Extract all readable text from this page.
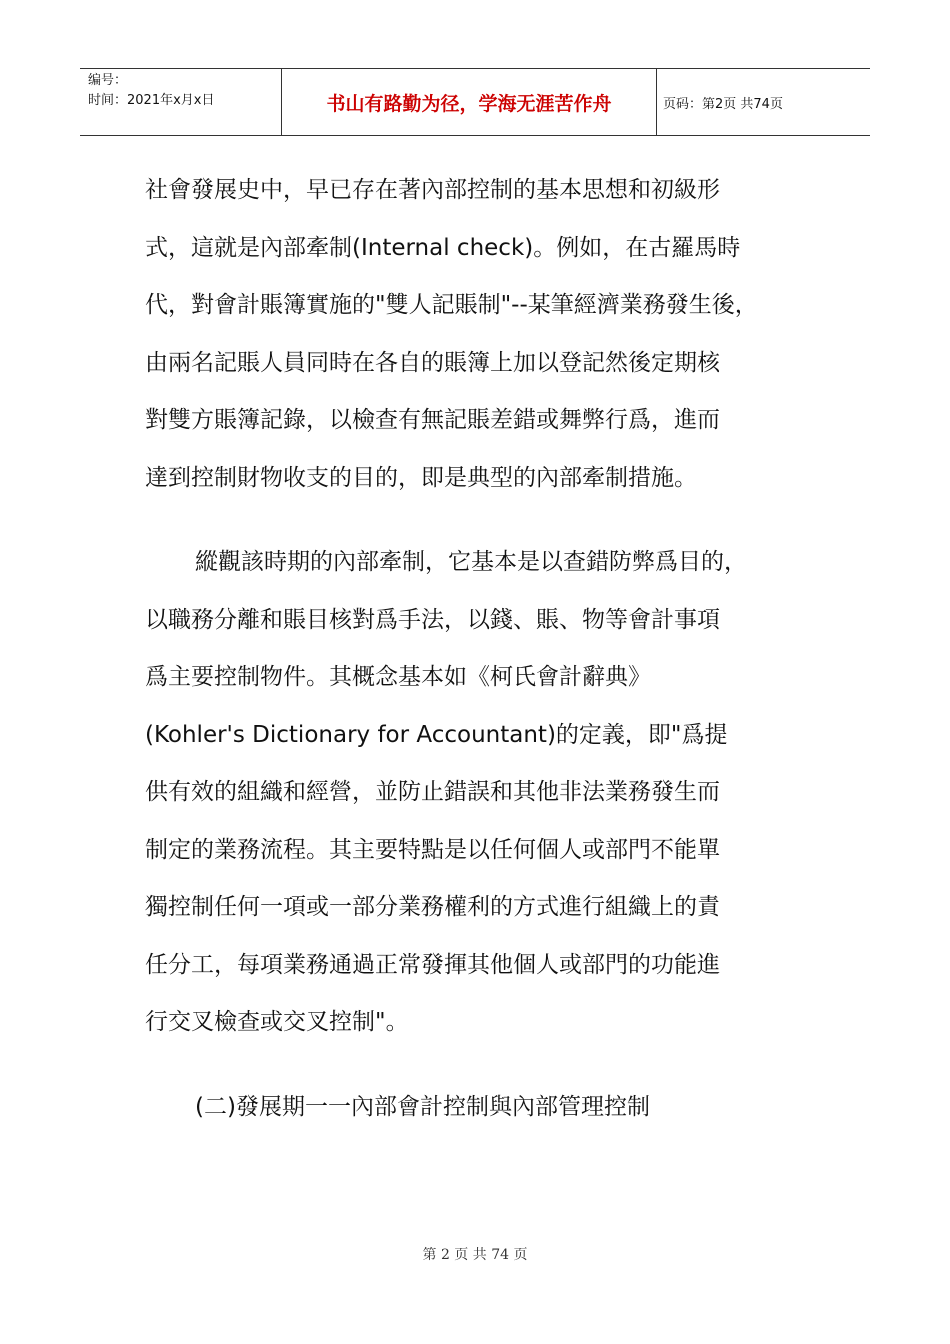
编号：
时间：2021年x月x日	书山有路勤为径，学海无涯苦作舟	页码：第2页 共74页
社會發展史中，早已存在著內部控制的基本思想和初級形
式，這就是內部牽制(Internal check)。例如，在古羅馬時
代，對會計賬簿實施的"雙人記賬制"--某筆經濟業務發生後，
由兩名記賬人員同時在各自的賬簿上加以登記然後定期核
對雙方賬簿記錄，以檢查有無記賬差錯或舞弊行爲，進而
達到控制財物收支的目的，即是典型的內部牽制措施。
縱觀該時期的內部牽制，它基本是以查錯防弊爲目的，
以職務分離和賬目核對爲手法，以錢、賬、物等會計事項
爲主要控制物件。其概念基本如《柯氏會計辭典》
(Kohler's Dictionary for Accountant)的定義，即"爲提
供有效的組織和經營，並防止錯誤和其他非法業務發生而
制定的業務流程。其主要特點是以任何個人或部門不能單
獨控制任何一項或一部分業務權利的方式進行組織上的責
任分工，每項業務通過正常發揮其他個人或部門的功能進
行交叉檢查或交叉控制"。
(二)發展期一一內部會計控制與內部管理控制
第 2 页 共 74 页
